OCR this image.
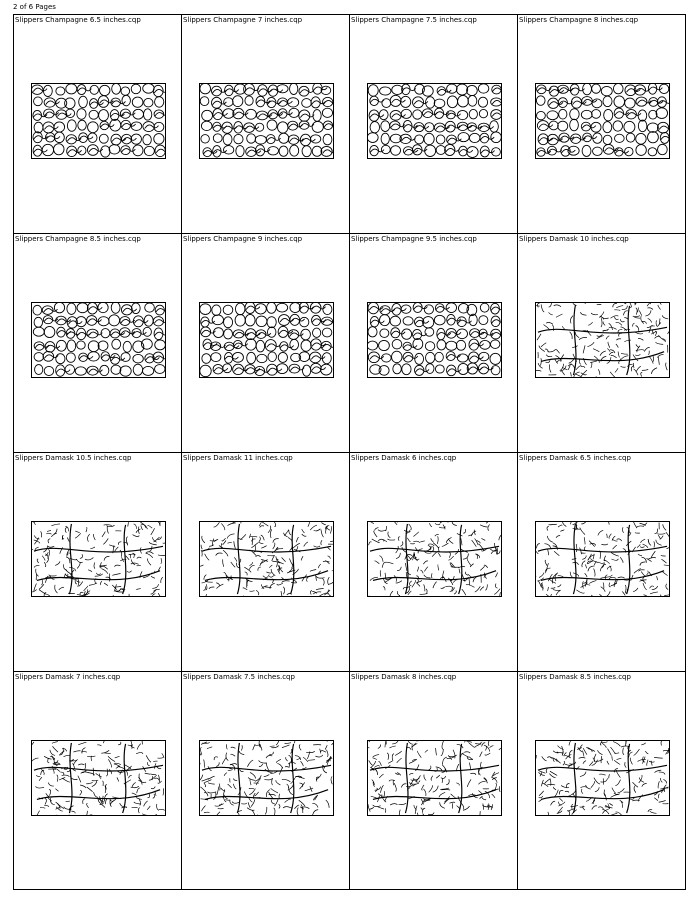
2 of 6 Pages
Slippers Champagne 6.5 inches.cqp	Slippers Champagne 7 inches.cqp	Slippers Champagne 7.5 inches.cqp	Slippers Champagne 8 inches.cqp
Slippers Champagne 8.5 inches.cqp	Slippers Champagne 9 inches.cqp	Slippers Champagne 9.5 inches.cqp	Slippers Damask 10 inches.cqp
Slippers Damask 10.5 inches.cqp	Slippers Damask 11 inches.cqp	Slippers Damask 6 inches.cqp	Slippers Damask 6.5 inches.cqp
Slippers Damask 7 inches.cqp	Slippers Damask 7.5 inches.cqp	Slippers Damask 8 inches.cqp	Slippers Damask 8.5 inches.cqp
